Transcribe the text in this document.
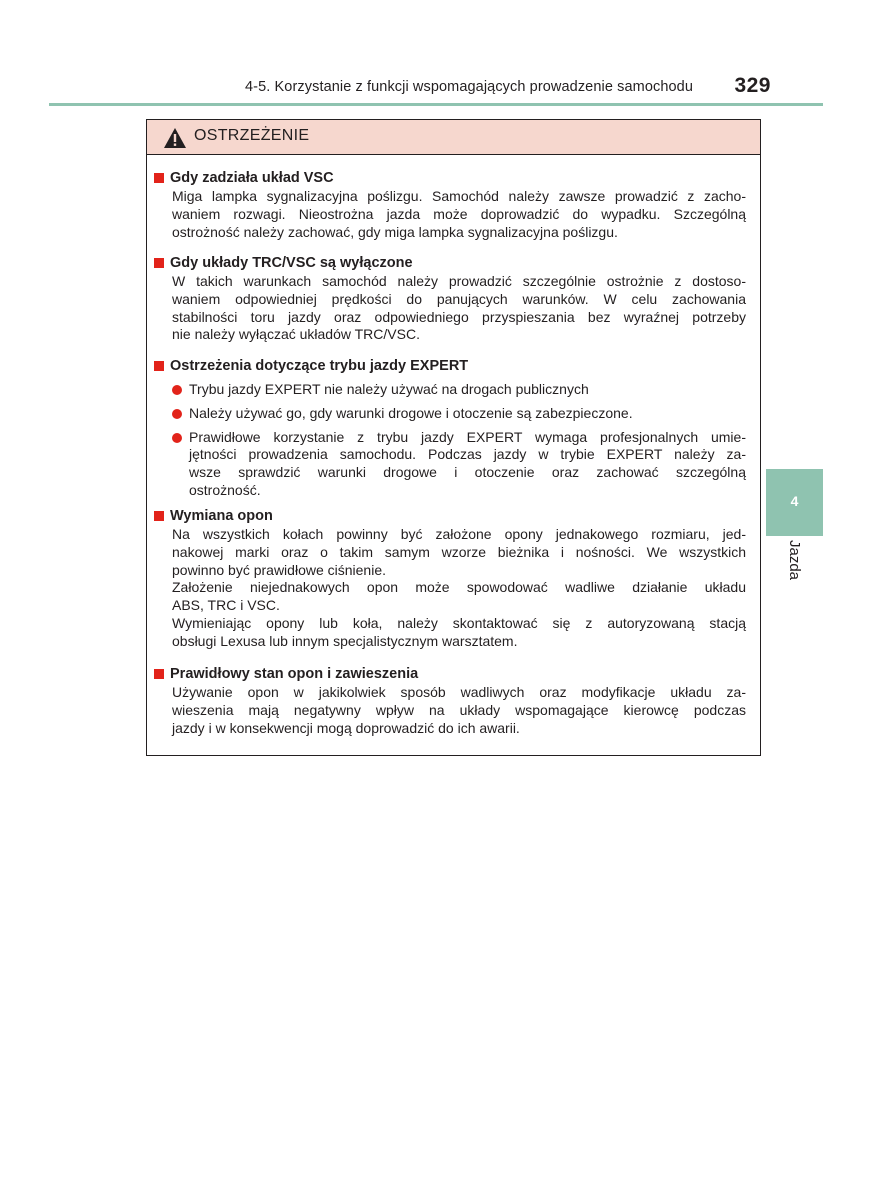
4-5. Korzystanie z funkcji wspomagających prowadzenie samochodu 329
OSTRZEŻENIE
Gdy zadziała układ VSC
Miga lampka sygnalizacyjna poślizgu. Samochód należy zawsze prowadzić z zacho-
waniem rozwagi. Nieostrożna jazda może doprowadzić do wypadku. Szczególną
ostrożność należy zachować, gdy miga lampka sygnalizacyjna poślizgu.
Gdy układy TRC/VSC są wyłączone
W takich warunkach samochód należy prowadzić szczególnie ostrożnie z dostoso-
waniem odpowiedniej prędkości do panujących warunków. W celu zachowania
stabilności toru jazdy oraz odpowiedniego przyspieszania bez wyraźnej potrzeby
nie należy wyłączać układów TRC/VSC.
Ostrzeżenia dotyczące trybu jazdy EXPERT
Trybu jazdy EXPERT nie należy używać na drogach publicznych
Należy używać go, gdy warunki drogowe i otoczenie są zabezpieczone.
Prawidłowe korzystanie z trybu jazdy EXPERT wymaga profesjonalnych umie-
jętności prowadzenia samochodu. Podczas jazdy w trybie EXPERT należy za-
wsze sprawdzić warunki drogowe i otoczenie oraz zachować szczególną
ostrożność.
Wymiana opon
Na wszystkich kołach powinny być założone opony jednakowego rozmiaru, jed-
nakowej marki oraz o takim samym wzorze bieżnika i nośności. We wszystkich
powinno być prawidłowe ciśnienie.
Założenie niejednakowych opon może spowodować wadliwe działanie układu
ABS, TRC i VSC.
Wymieniając opony lub koła, należy skontaktować się z autoryzowaną stacją
obsługi Lexusa lub innym specjalistycznym warsztatem.
Prawidłowy stan opon i zawieszenia
Używanie opon w jakikolwiek sposób wadliwych oraz modyfikacje układu za-
wieszenia mają negatywny wpływ na układy wspomagające kierowcę podczas
jazdy i w konsekwencji mogą doprowadzić do ich awarii.
4
Jazda
